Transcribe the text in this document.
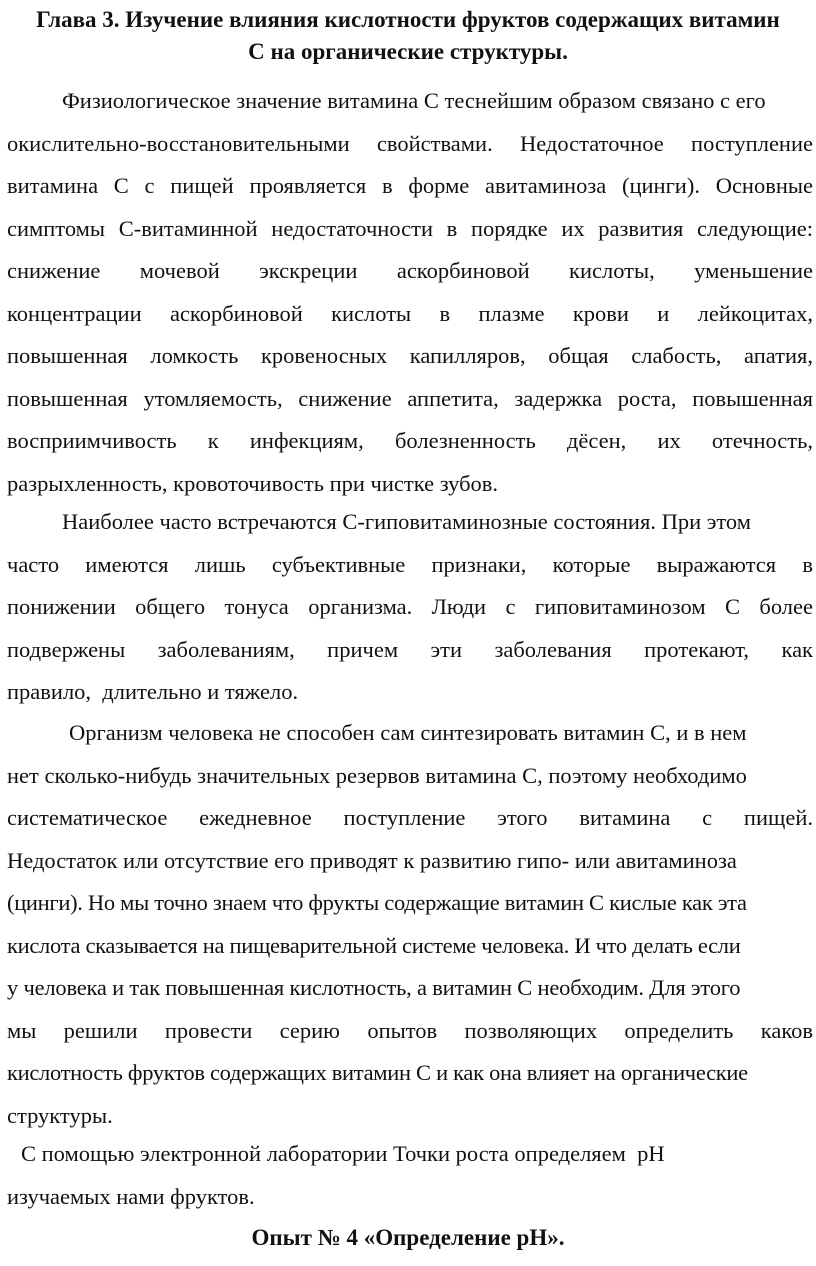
Глава 3. Изучение влияния кислотности фруктов содержащих витамин
С на органические структуры.
Физиологическое значение витамина С теснейшим образом связано с его
окислительно-восстановительными свойствами. Недостаточное поступление
витамина С с пищей проявляется в форме авитаминоза (цинги). Основные
симптомы С-витаминной недостаточности в порядке их развития следующие:
снижение мочевой экскреции аскорбиновой кислоты, уменьшение
концентрации аскорбиновой кислоты в плазме крови и лейкоцитах,
повышенная ломкость кровеносных капилляров, общая слабость, апатия,
повышенная утомляемость, снижение аппетита, задержка роста, повышенная
восприимчивость к инфекциям, болезненность дёсен, их отечность,
разрыхленность, кровоточивость при чистке зубов.
Наиболее часто встречаются С-гиповитаминозные состояния. При этом
часто имеются лишь субъективные признаки, которые выражаются в
понижении общего тонуса организма. Люди с гиповитаминозом С более
подвержены заболеваниям, причем эти заболевания протекают, как
правило,  длительно и тяжело.
Организм человека не способен сам синтезировать витамин С, и в нем
нет сколько-нибудь значительных резервов витамина С, поэтому необходимо
систематическое ежедневное поступление этого витамина с пищей.
Недостаток или отсутствие его приводят к развитию гипо- или авитаминоза
(цинги). Но мы точно знаем что фрукты содержащие витамин С кислые как эта
кислота сказывается на пищеварительной системе человека. И что делать если
у человека и так повышенная кислотность, а витамин С необходим. Для этого
мы решили провести серию опытов позволяющих определить каков
кислотность фруктов содержащих витамин С и как она влияет на органические
структуры.
С помощью электронной лаборатории Точки роста определяем  pH
изучаемых нами фруктов.
Опыт № 4 «Определение pH».
